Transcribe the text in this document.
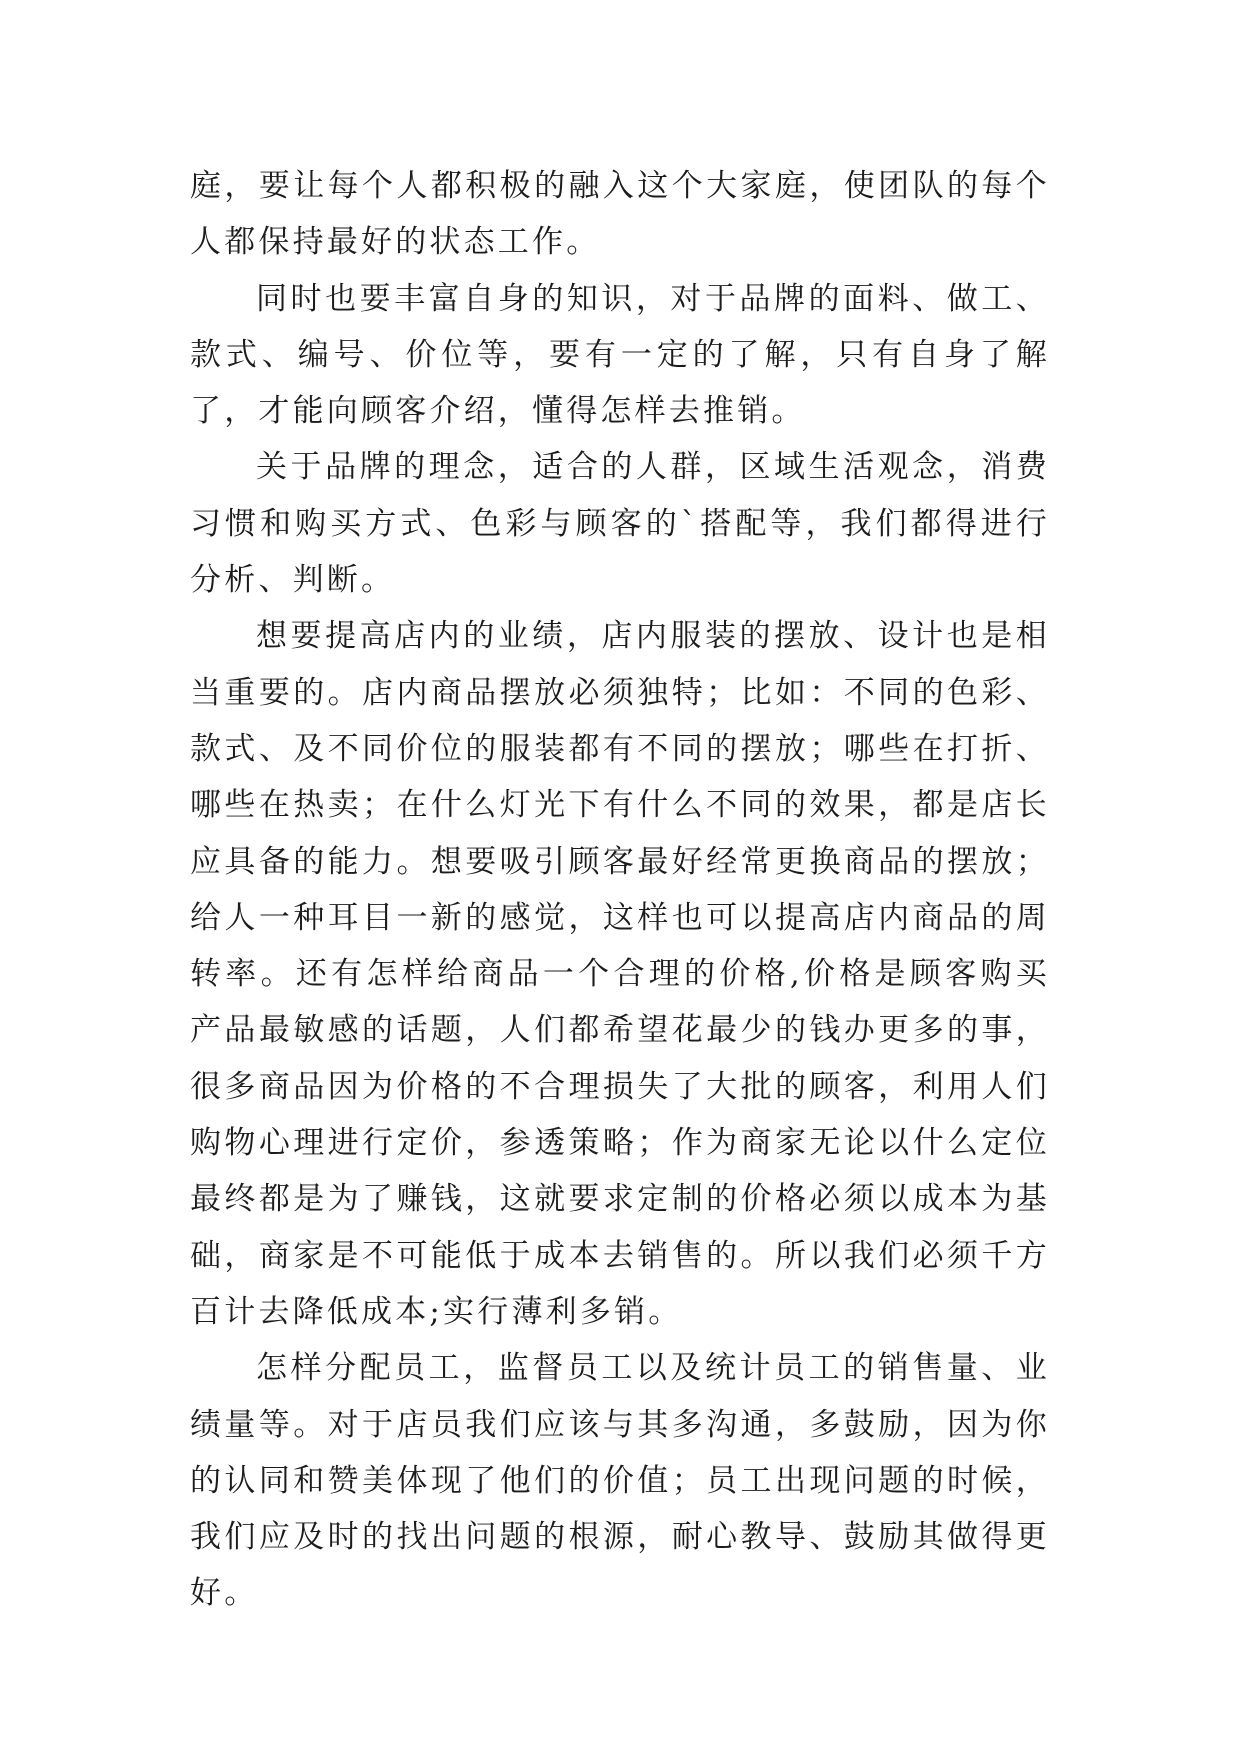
庭，要让每个人都积极的融入这个大家庭，使团队的每个人都保持最好的状态工作。

同时也要丰富自身的知识，对于品牌的面料、做工、款式、编号、价位等，要有一定的了解，只有自身了解了，才能向顾客介绍，懂得怎样去推销。

关于品牌的理念，适合的人群，区域生活观念，消费习惯和购买方式、色彩与顾客的`搭配等，我们都得进行分析、判断。

想要提高店内的业绩，店内服装的摆放、设计也是相当重要的。店内商品摆放必须独特；比如：不同的色彩、款式、及不同价位的服装都有不同的摆放；哪些在打折、哪些在热卖；在什么灯光下有什么不同的效果，都是店长应具备的能力。想要吸引顾客最好经常更换商品的摆放；给人一种耳目一新的感觉，这样也可以提高店内商品的周转率。还有怎样给商品一个合理的价格,价格是顾客购买产品最敏感的话题，人们都希望花最少的钱办更多的事，很多商品因为价格的不合理损失了大批的顾客，利用人们购物心理进行定价，参透策略；作为商家无论以什么定位最终都是为了赚钱，这就要求定制的价格必须以成本为基础，商家是不可能低于成本去销售的。所以我们必须千方百计去降低成本;实行薄利多销。

怎样分配员工，监督员工以及统计员工的销售量、业绩量等。对于店员我们应该与其多沟通，多鼓励，因为你的认同和赞美体现了他们的价值；员工出现问题的时候，我们应及时的找出问题的根源，耐心教导、鼓励其做得更好。
